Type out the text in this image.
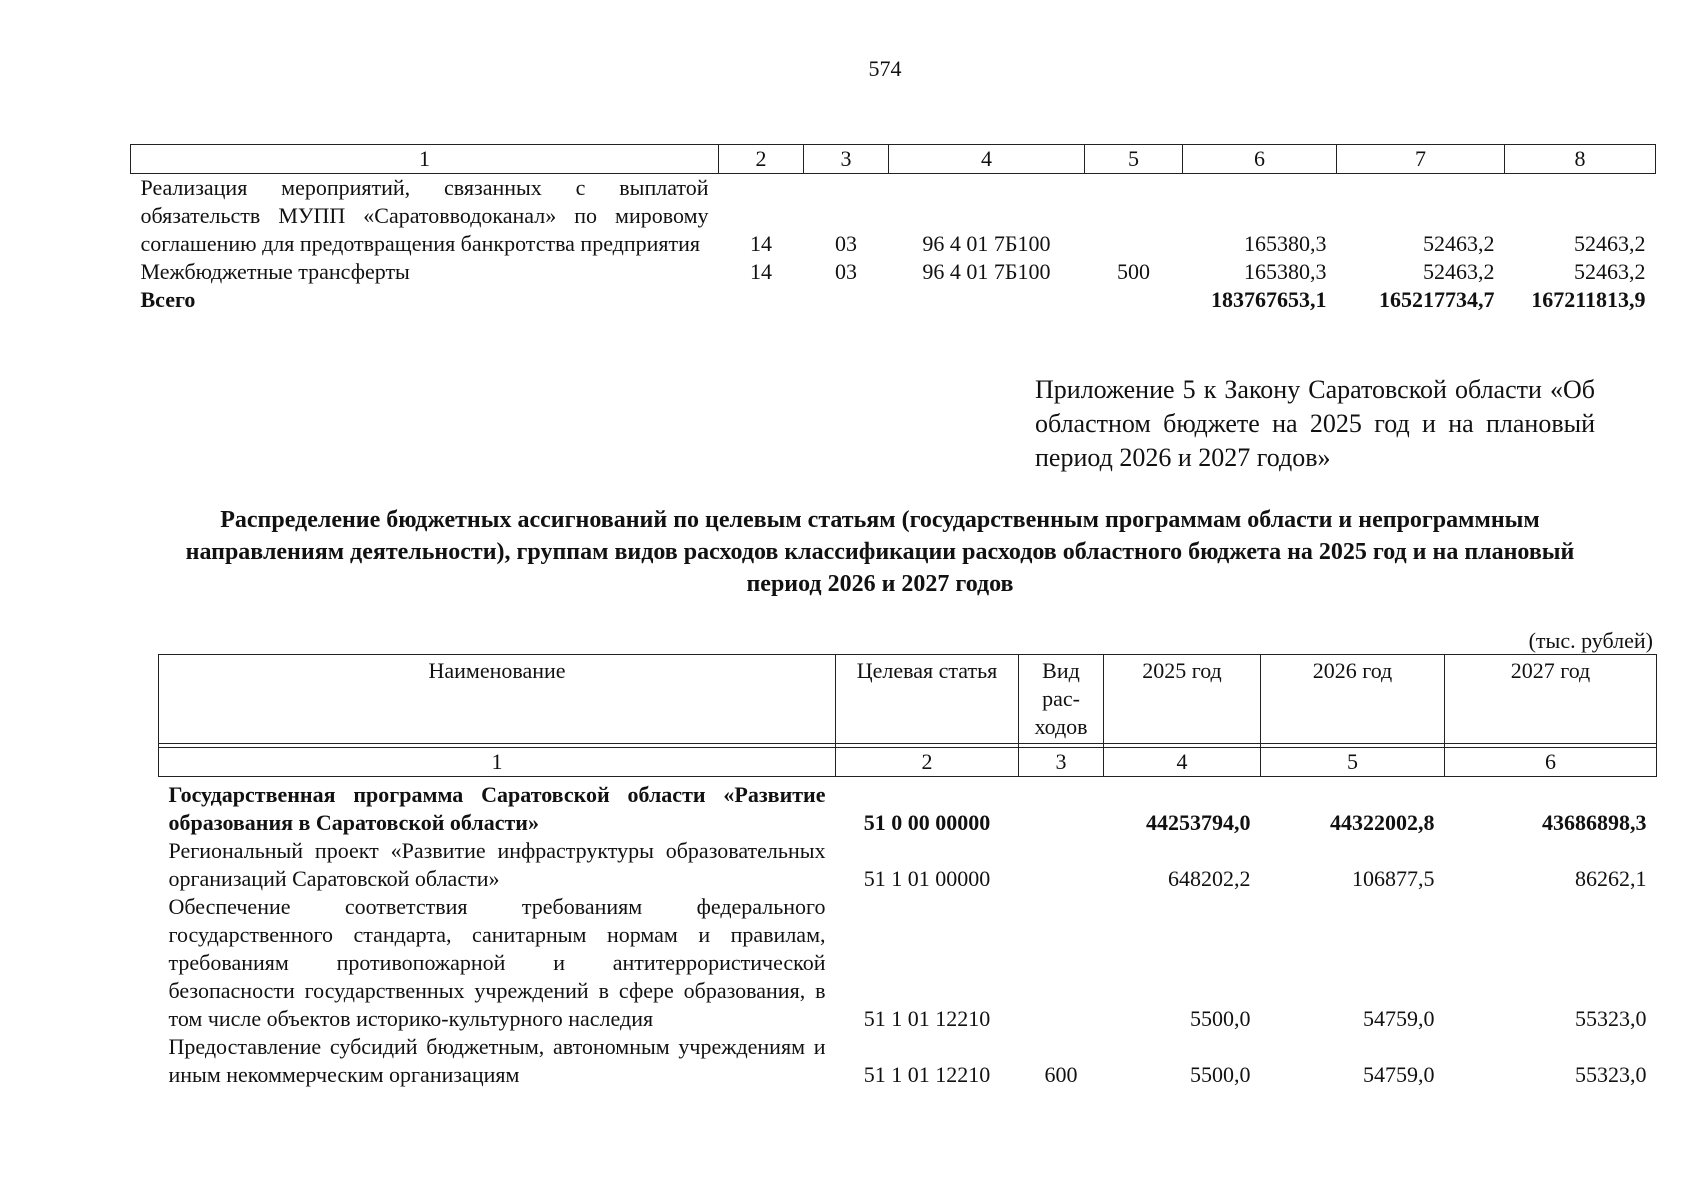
574
1	2	3	4	5	6	7	8
Реализация мероприятий, связанных с выплатой обязательств МУПП «Саратовводоканал» по мировому соглашению для предотвращения банкротства предприятия	14	03	96 4 01 7Б100		165380,3	52463,2	52463,2
Межбюджетные трансферты	14	03	96 4 01 7Б100	500	165380,3	52463,2	52463,2
Всего					183767653,1	165217734,7	167211813,9
Приложение 5 к Закону Саратовской области «Об областном бюджете на 2025 год и на плановый период 2026 и 2027 годов»
Распределение бюджетных ассигнований по целевым статьям (государственным программам области и непрограммным направлениям деятельности), группам видов расходов классификации расходов областного бюджета на 2025 год и на плановый период 2026 и 2027 годов
(тыс. рублей)
Наименование	Целевая статья	Вид рас-ходов	2025 год	2026 год	2027 год

1	2	3	4	5	6
Государственная программа Саратовской области «Развитие образования в Саратовской области»	51 0 00 00000		44253794,0	44322002,8	43686898,3
Региональный проект «Развитие инфраструктуры образовательных организаций Саратовской области»	51 1 01 00000		648202,2	106877,5	86262,1
Обеспечение соответствия требованиям федерального государственного стандарта, санитарным нормам и правилам, требованиям противопожарной и антитеррористической безопасности государственных учреждений в сфере образования, в том числе объектов историко-культурного наследия	51 1 01 12210		5500,0	54759,0	55323,0
Предоставление субсидий бюджетным, автономным учреждениям и иным некоммерческим организациям	51 1 01 12210	600	5500,0	54759,0	55323,0
